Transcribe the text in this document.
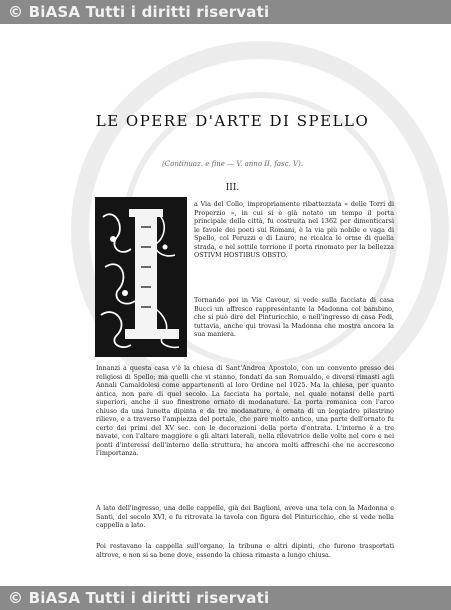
© BiASA Tutti i diritti riservati
LE OPERE D'ARTE DI SPELLO
(Continuaz. e fine — V. anno II, fasc. V).
III.
a Via del Collo, impropriamente ribattezzata « delle Torri di Properzio », in cui si è già notato un tempo il porta principale della città, fu costruita nel 1362 per dimenticarsi le favole dei poeti sui Romani, è la via più nobile e vaga di Spello, col Peruzzi e di Lauro, ne ricalca le orme di quella strada, e nel sottile torrione il porta rinomato per la bellezza OSTIVM HOSTIBUS OBSTO.
Tornando poi in Via Cavour, si vede sulla facciata di casa Bucci un affresco rappresentante la Madonna col bambino, che si può dire del Pinturicchio, e nell'ingresso di casa Fedi, tuttavia, anche qui trovasi la Madonna che mostra ancora la sua maniera.
Innanzi a questa casa v'è la chiesa di Sant'Andrea Apostolo, con un convento presso dei religiosi di Spello; ma quelli che vi stanno, fondati da san Romualdo, e diversi rimasti agli Annali Camaldolesi come appartenenti al loro Ordine nel 1025. Ma la chiesa, per quanto antica, non pare di quel secolo. La facciata ha portale, nel quale notansi delle parti superiori, anche il suo finestrone ornato di modanature. La porta romanica con l'arco chiuso da una lunetta dipinta e da tre modanature, è ornata di un leggiadro pilastrino rilievo, e a traverso l'ampiezza del portale, che pare molto antico, una parte dell'ornato fu certo dei primi del XV sec. con le decorazioni della porta d'entrata. L'interno è a tre navate, con l'altare maggiore e gli altari laterali, nella rilevatrice delle volte nel coro e nei ponti d'interessi dell'interno della struttura, ha ancora molti affreschi che ne accrescono l'importanza.
A lato dell'ingresso, una delle cappelle, già dei Baglioni, aveva una tela con la Madonna e Santi, del secolo XVI, e fu ritrovata la tavola con figura del Pinturicchio, che si vede nella cappella a lato.
Poi restavano la cappella sull'organo, la tribuna e altri dipinti, che furono trasportati altrove, e non si sa bene dove, essendo la chiesa rimasta a lungo chiusa.
© BiASA Tutti i diritti riservati
